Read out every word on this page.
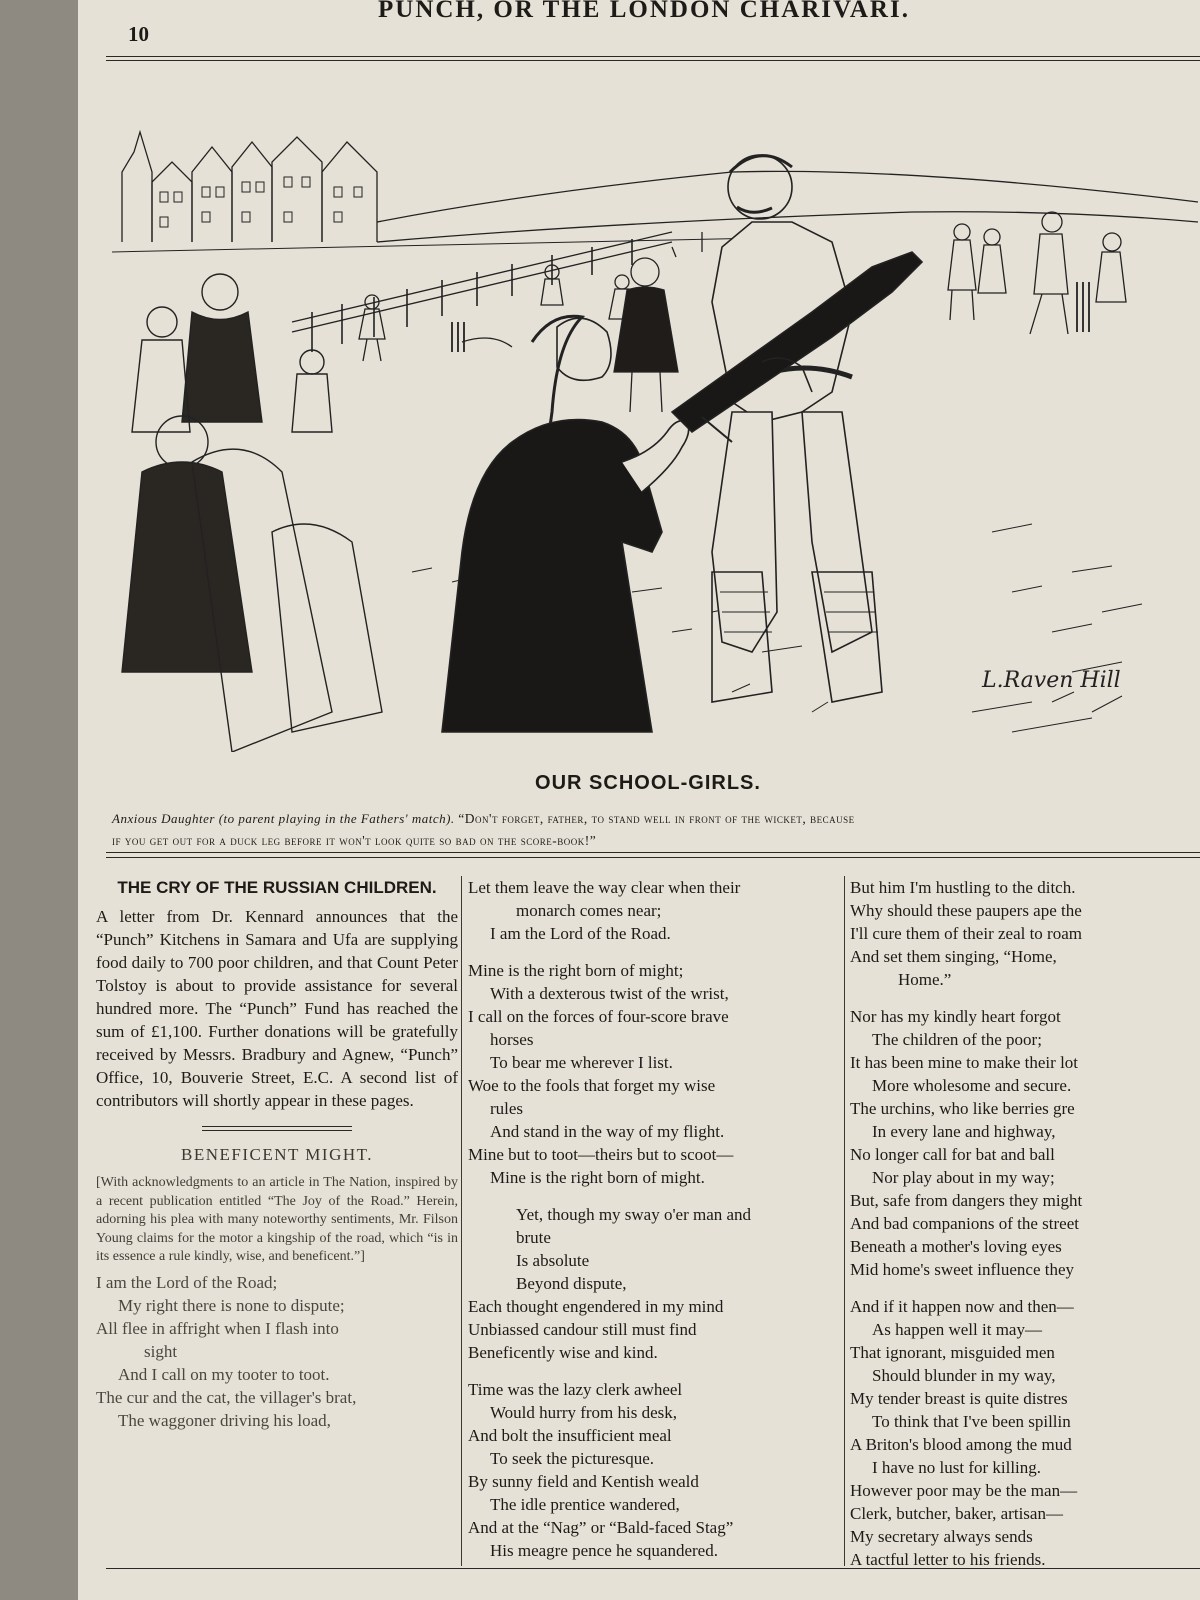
10
PUNCH, OR THE LONDON CHARIVARI.
L.Raven Hill
OUR SCHOOL-GIRLS.
Anxious Daughter (to parent playing in the Fathers' match). “Don't forget, father, to stand well in front of the wicket, because
if you get out for a duck leg before it won't look quite so bad on the score-book!”
THE CRY OF THE RUSSIAN CHILDREN.

A letter from Dr. Kennard announces that the “Punch” Kitchens in Samara and Ufa are supplying food daily to 700 poor children, and that Count Peter Tolstoy is about to provide assistance for several hundred more. The “Punch” Fund has reached the sum of £1,100. Further donations will be gratefully received by Messrs. Bradbury and Agnew, “Punch” Office, 10, Bouverie Street, E.C. A second list of contributors will shortly appear in these pages.

BENEFICENT MIGHT.

[With acknowledgments to an article in The Nation, inspired by a recent publication entitled “The Joy of the Road.” Herein, adorning his plea with many noteworthy sentiments, Mr. Filson Young claims for the motor a kingship of the road, which “is in its essence a rule kindly, wise, and beneficent.”]

I am the Lord of the Road;
My right there is none to dispute;
All flee in affright when I flash into
sight
And I call on my tooter to toot.
The cur and the cat, the villager's brat,
The waggoner driving his load,
Let them leave the way clear when their
monarch comes near;
I am the Lord of the Road.
Mine is the right born of might;
With a dexterous twist of the wrist,
I call on the forces of four-score brave
horses
To bear me wherever I list.
Woe to the fools that forget my wise
rules
And stand in the way of my flight.
Mine but to toot—theirs but to scoot—
Mine is the right born of might.
Yet, though my sway o'er man and
brute
Is absolute
Beyond dispute,
Each thought engendered in my mind
Unbiassed candour still must find
Beneficently wise and kind.
Time was the lazy clerk awheel
Would hurry from his desk,
And bolt the insufficient meal
To seek the picturesque.
By sunny field and Kentish weald
The idle prentice wandered,
And at the “Nag” or “Bald-faced Stag”
His meagre pence he squandered.
But him I'm hustling to the ditch.
Why should these paupers ape the
I'll cure them of their zeal to roam
And set them singing, “Home,
Home.”
Nor has my kindly heart forgot
The children of the poor;
It has been mine to make their lot
More wholesome and secure.
The urchins, who like berries gre
In every lane and highway,
No longer call for bat and ball
Nor play about in my way;
But, safe from dangers they might
And bad companions of the street
Beneath a mother's loving eyes
Mid home's sweet influence they
And if it happen now and then—
As happen well it may—
That ignorant, misguided men
Should blunder in my way,
My tender breast is quite distres
To think that I've been spillin
A Briton's blood among the mud
I have no lust for killing.
However poor may be the man—
Clerk, butcher, baker, artisan—
My secretary always sends
A tactful letter to his friends.
